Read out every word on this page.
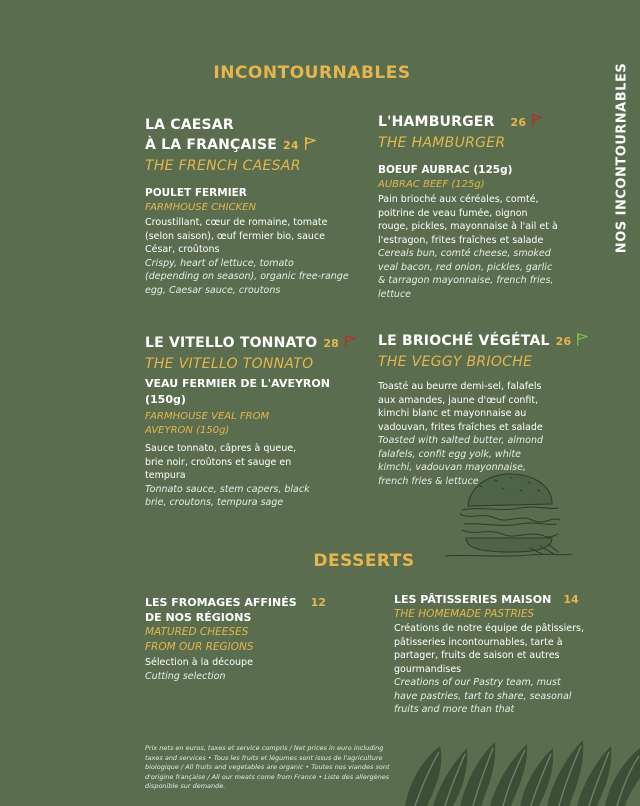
INCONTOURNABLES	NOS INCONTOURNABLES
LA CAESAR
À LA FRANÇAISE 24
THE FRENCH CAESAR
POULET FERMIER
FARMHOUSE CHICKEN
Croustillant, cœur de romaine, tomate (selon saison), œuf fermier bio, sauce César, croûtons
Crispy, heart of lettuce, tomato (depending on season), organic free-range egg, Caesar sauce, croutons
L'HAMBURGER 26
THE HAMBURGER
BOEUF AUBRAC (125g)
AUBRAC BEEF (125g)
Pain brioché aux céréales, comté, poitrine de veau fumée, oignon rouge, pickles, mayonnaise à l'ail et à l'estragon, frites fraîches et salade
Cereals bun, comté cheese, smoked veal bacon, red onion, pickles, garlic & tarragon mayonnaise, french fries, lettuce
LE VITELLO TONNATO 28
THE VITELLO TONNATO
VEAU FERMIER DE L'AVEYRON (150g)
FARMHOUSE VEAL FROM AVEYRON (150g)
Sauce tonnato, câpres à queue, brie noir, croûtons et sauge en tempura
Tonnato sauce, stem capers, black brie, croutons, tempura sage
LE BRIOCHÉ VÉGÉTAL 26
THE VEGGY BRIOCHE
Toasté au beurre demi-sel, falafels aux amandes, jaune d'œuf confit, kimchi blanc et mayonnaise au vadouvan, frites fraîches et salade
Toasted with salted butter, almond falafels, confit egg yolk, white kimchi, vadouvan mayonnaise, french fries & lettuce
DESSERTS
LES FROMAGES AFFINÉS 12
DE NOS RÉGIONS
MATURED CHEESES
FROM OUR REGIONS
Sélection à la découpe
Cutting selection
LES PÂTISSERIES MAISON 14
THE HOMEMADE PASTRIES
Créations de notre équipe de pâtissiers, pâtisseries incontournables, tarte à partager, fruits de saison et autres gourmandises
Creations of our Pastry team, must have pastries, tart to share, seasonal fruits and more than that
Prix nets en euros, taxes et service compris / Net prices in euro including taxes and services • Tous les fruits et légumes sont issus de l'agriculture biologique / All fruits and vegetables are organic • Toutes nos viandes sont d'origine française / All our meats come from France • Liste des allergènes disponible sur demande.
